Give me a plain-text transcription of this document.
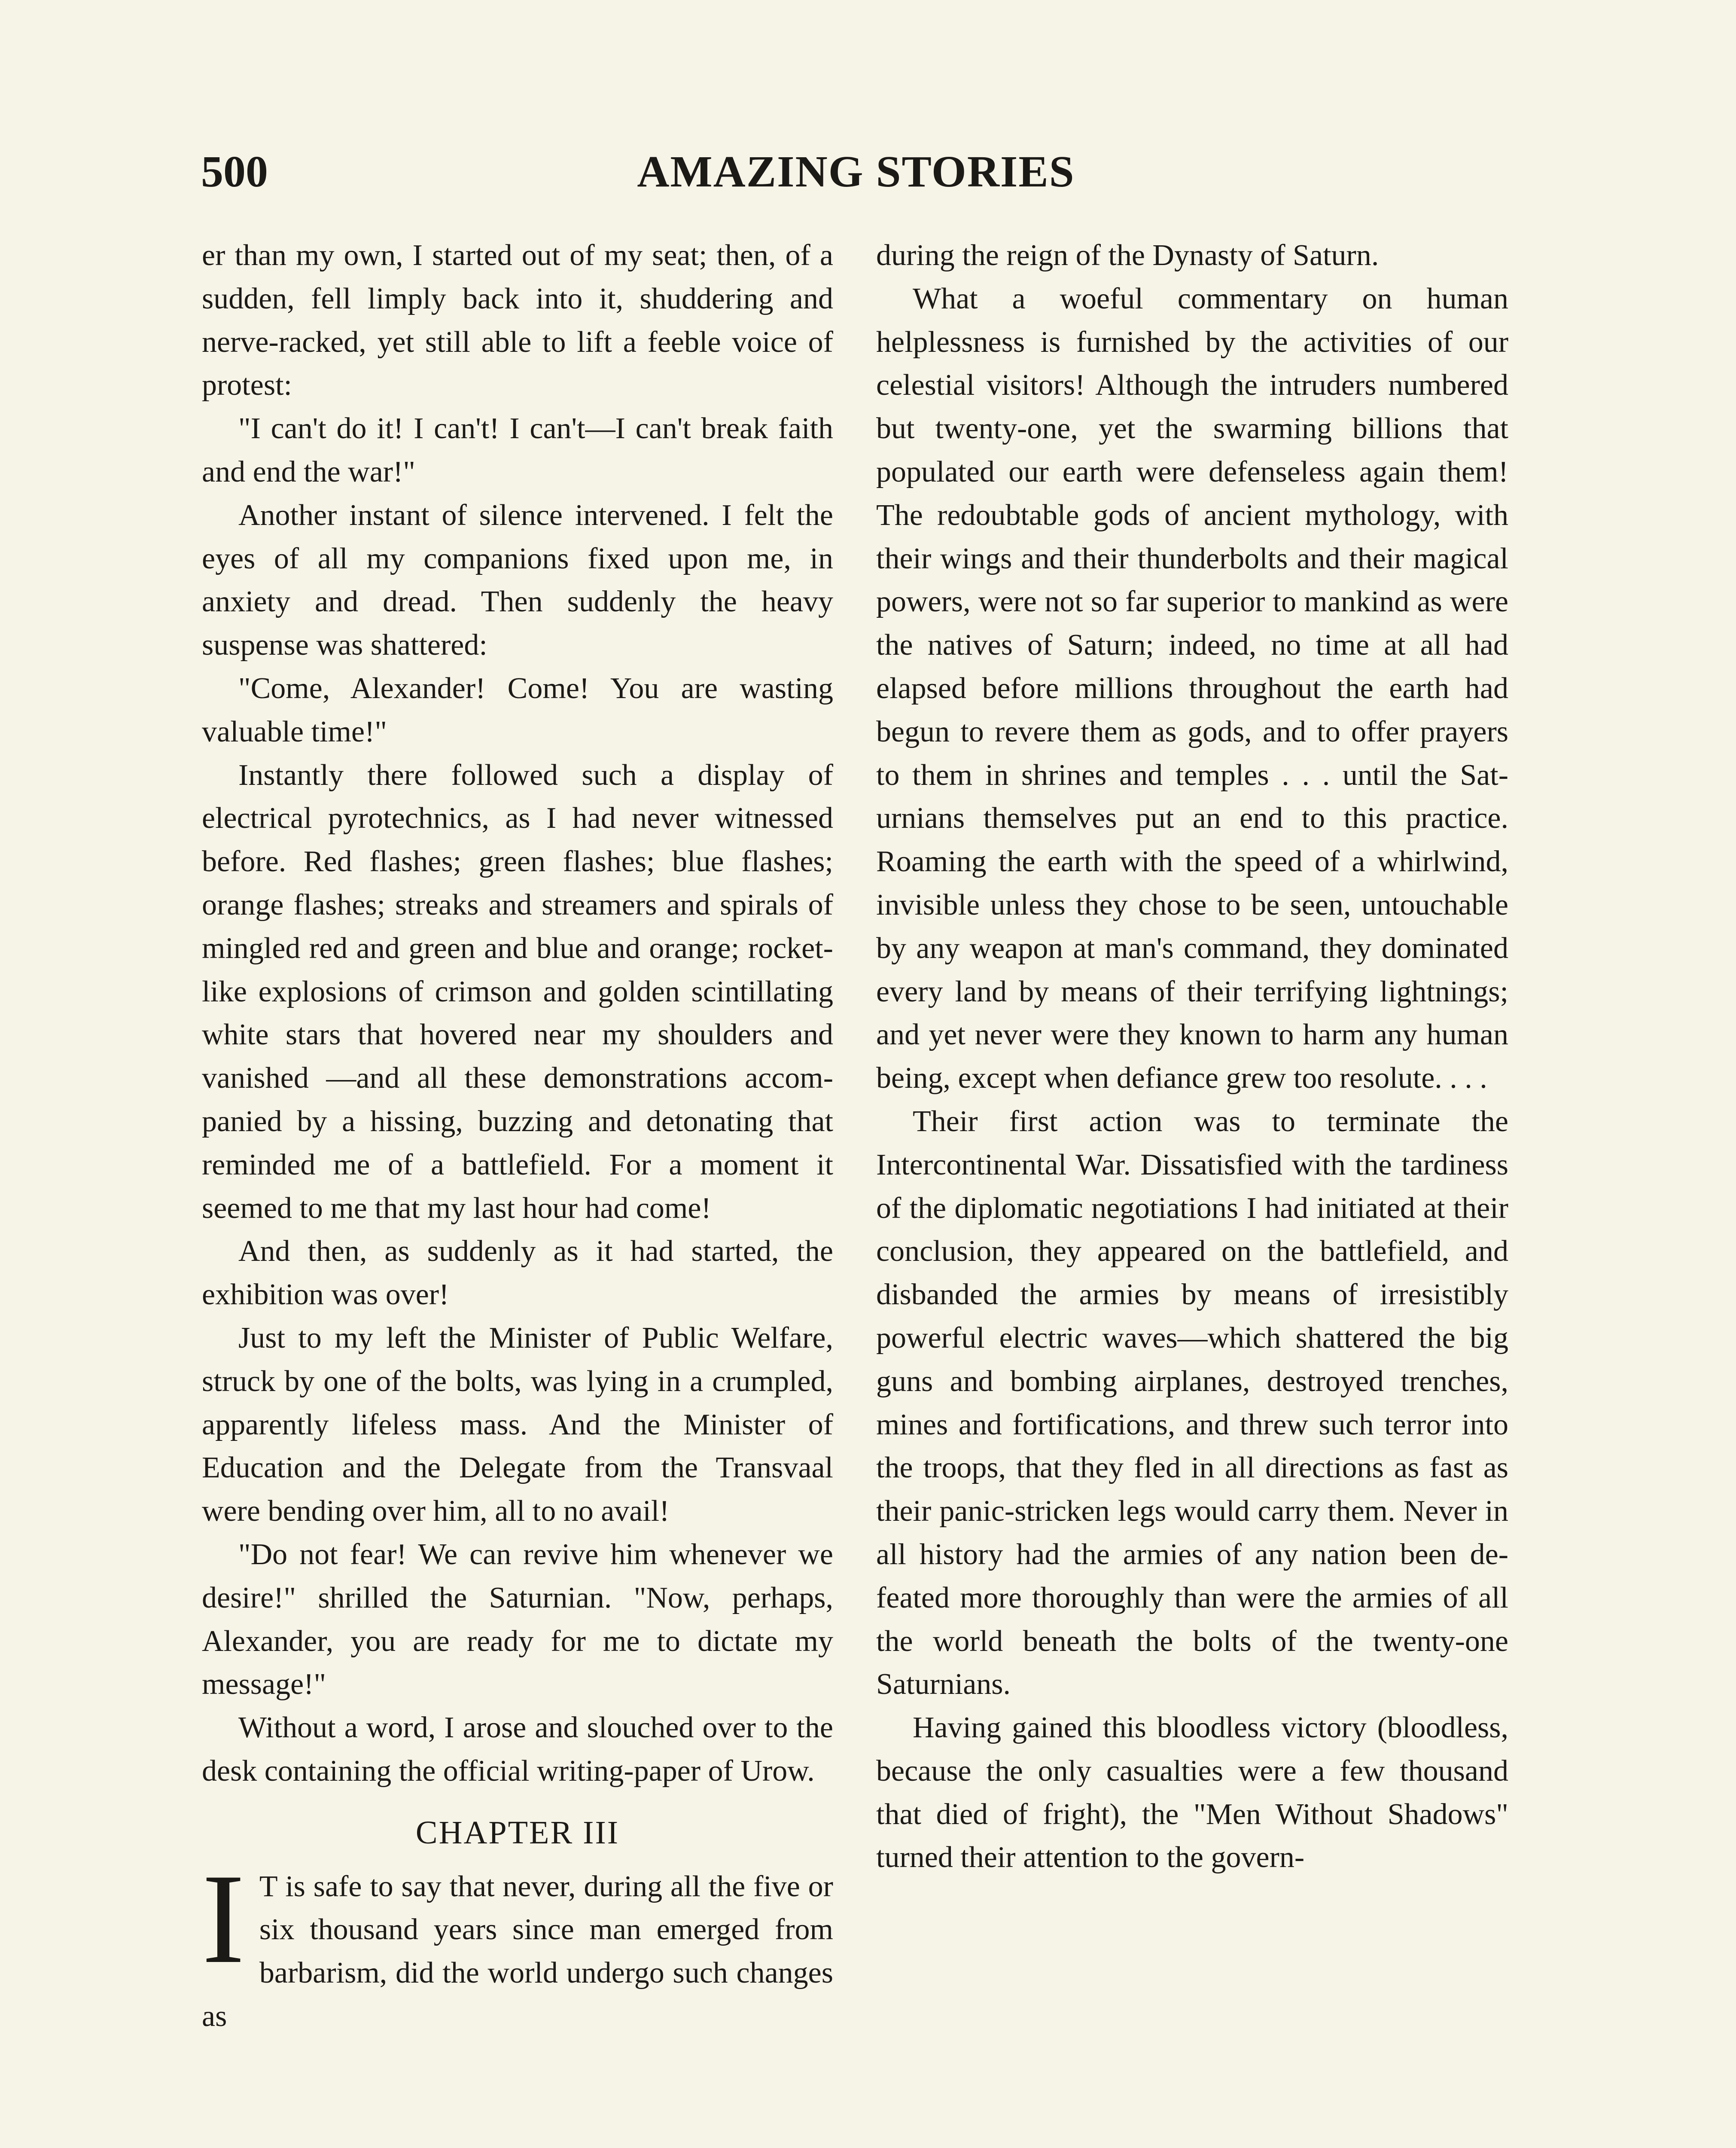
500	AMAZING STORIES

er than my own, I started out of my seat; then, of a sudden, fell limply back into it, shuddering and nerve-racked, yet still able to lift a feeble voice of protest:

"I can't do it! I can't! I can't—I can't break faith and end the war!"

Another instant of silence intervened. I felt the eyes of all my companions fixed upon me, in anxiety and dread. Then suddenly the heavy suspense was shattered:

"Come, Alexander! Come! You are wasting valuable time!"

Instantly there followed such a display of electrical pyrotechnics, as I had never witnessed before. Red flashes; green flashes; blue flashes; orange flashes; streaks and streamers and spirals of mingled red and green and blue and orange; rocket-like explosions of crimson and golden scintillating white stars that hovered near my shoulders and vanished —and all these demonstrations accompanied by a hissing, buzzing and detonating that reminded me of a battlefield. For a moment it seemed to me that my last hour had come!

And then, as suddenly as it had started, the exhibition was over!

Just to my left the Minister of Public Welfare, struck by one of the bolts, was lying in a crumpled, apparently lifeless mass. And the Minister of Education and the Delegate from the Transvaal were bending over him, all to no avail!

"Do not fear! We can revive him whenever we desire!" shrilled the Saturnian. "Now, perhaps, Alexander, you are ready for me to dictate my message!"

Without a word, I arose and slouched over to the desk containing the official writing-paper of Urow.

CHAPTER III

I T is safe to say that never, during all the five or six thousand years since man emerged from barbarism, did the world undergo such changes as

during the reign of the Dynasty of Saturn.

What a woeful commentary on human helplessness is furnished by the activities of our celestial visitors! Although the intruders numbered but twenty-one, yet the swarming billions that populated our earth were defenseless again them! The redoubtable gods of ancient mythology, with their wings and their thunderbolts and their magical powers, were not so far superior to mankind as were the natives of Saturn; indeed, no time at all had elapsed before millions throughout the earth had begun to revere them as gods, and to offer prayers to them in shrines and temples . . . until the Saturnians themselves put an end to this practice. Roaming the earth with the speed of a whirlwind, invisible unless they chose to be seen, untouchable by any weapon at man's command, they dominated every land by means of their terrifying lightnings; and yet never were they known to harm any human being, except when defiance grew too resolute. . . .

Their first action was to terminate the Intercontinental War. Dissatisfied with the tardiness of the diplomatic negotiations I had initiated at their conclusion, they appeared on the battlefield, and disbanded the armies by means of irresistibly powerful electric waves—which shattered the big guns and bombing airplanes, destroyed trenches, mines and fortifications, and threw such terror into the troops, that they fled in all directions as fast as their panic-stricken legs would carry them. Never in all history had the armies of any nation been defeated more thoroughly than were the armies of all the world beneath the bolts of the twenty-one Saturnians.

Having gained this bloodless victory (bloodless, because the only casualties were a few thousand that died of fright), the "Men Without Shadows" turned their attention to the govern-
